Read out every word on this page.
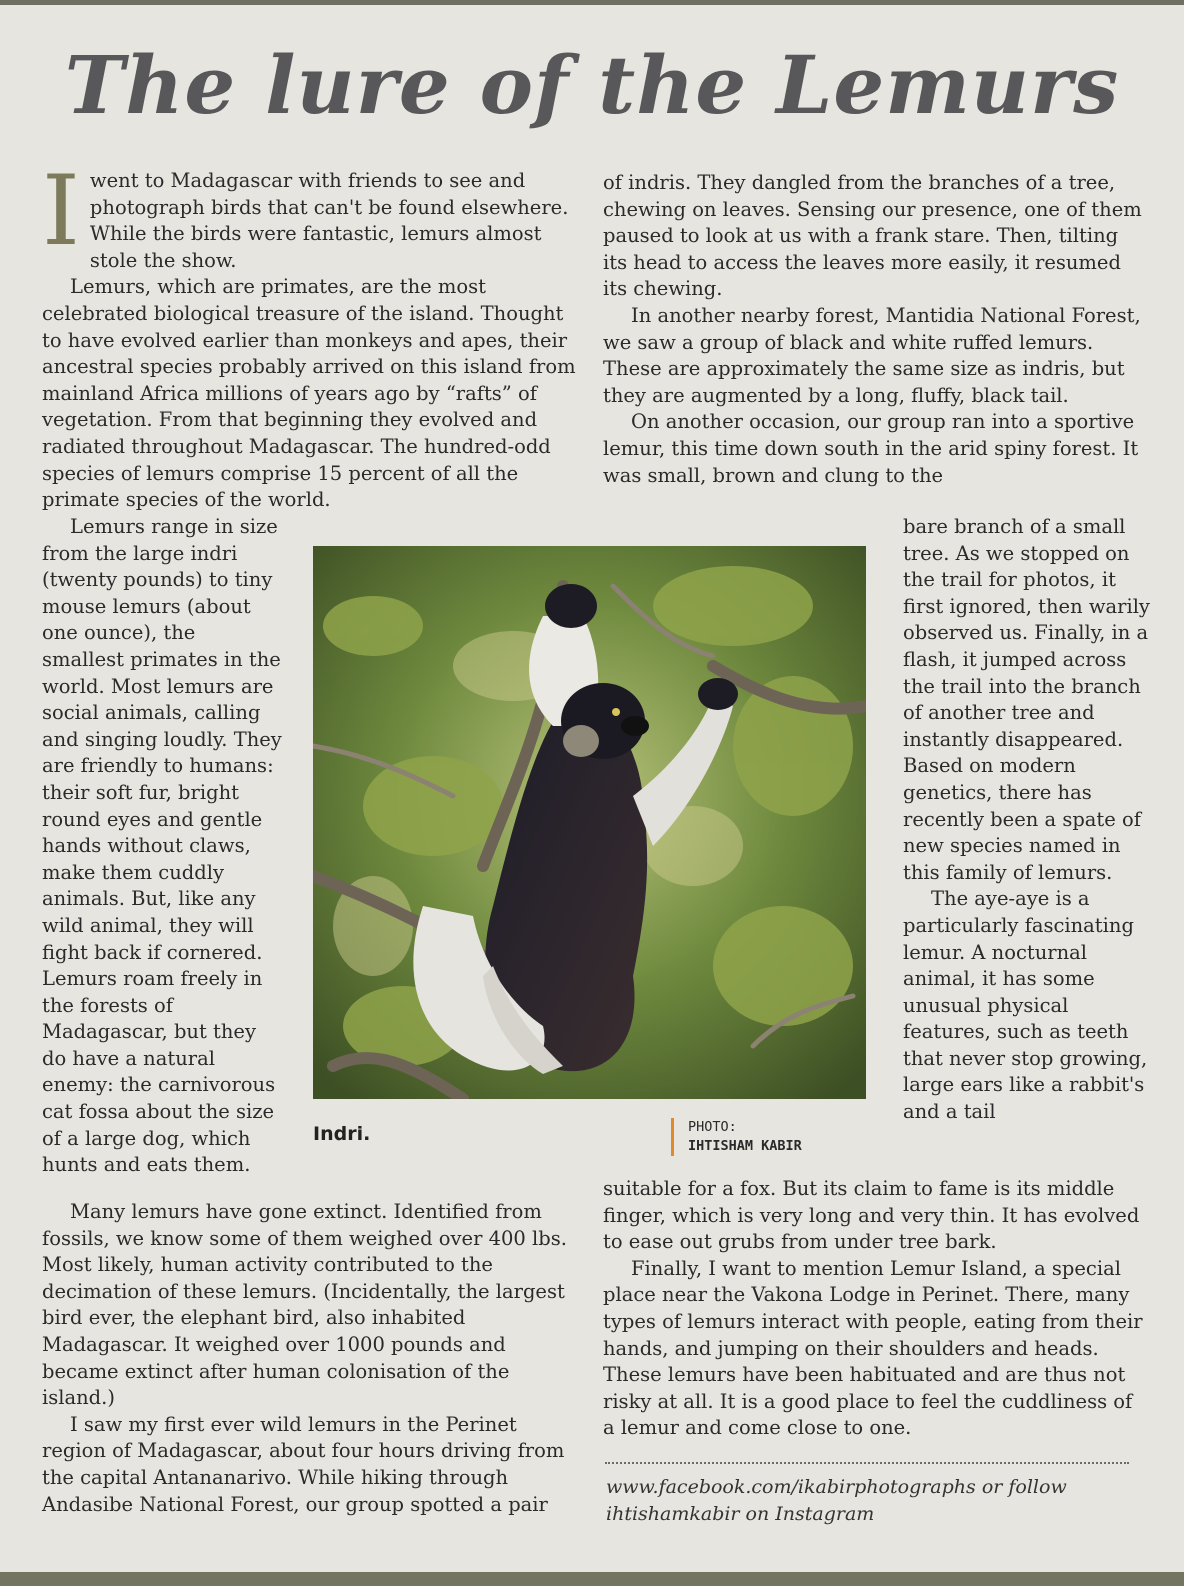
The lure of the Lemurs

Iwent to Madagascar with friends to see and photograph birds that can't be found elsewhere. While the birds were fantastic, lemurs almost stole the show.

Lemurs, which are primates, are the most celebrated biological treasure of the island. Thought to have evolved earlier than monkeys and apes, their ancestral species probably arrived on this island from mainland Africa millions of years ago by “rafts” of vegetation. From that beginning they evolved and radiated throughout Madagascar. The hundred-odd species of lemurs comprise 15 percent of all the primate species of the world.

Lemurs range in size from the large indri (twenty pounds) to tiny mouse lemurs (about one ounce), the smallest primates in the world. Most lemurs are social animals, calling and singing loudly. They are friendly to humans: their soft fur, bright round eyes and gentle hands without claws, make them cuddly animals. But, like any wild animal, they will fight back if cornered. Lemurs roam freely in the forests of Madagascar, but they do have a natural enemy: the carnivorous cat fossa about the size of a large dog, which hunts and eats them.

Many lemurs have gone extinct. Identified from fossils, we know some of them weighed over 400 lbs. Most likely, human activity contributed to the decimation of these lemurs. (Incidentally, the largest bird ever, the elephant bird, also inhabited Madagascar. It weighed over 1000 pounds and became extinct after human colonisation of the island.)

I saw my first ever wild lemurs in the Perinet region of Madagascar, about four hours driving from the capital Antananarivo. While hiking through Andasibe National Forest, our group spotted a pair

of indris. They dangled from the branches of a tree, chewing on leaves. Sensing our presence, one of them paused to look at us with a frank stare. Then, tilting its head to access the leaves more easily, it resumed its chewing.

In another nearby forest, Mantidia National Forest, we saw a group of black and white ruffed lemurs. These are approximately the same size as indris, but they are augmented by a long, fluffy, black tail.

On another occasion, our group ran into a sportive lemur, this time down south in the arid spiny forest. It was small, brown and clung to the

bare branch of a small tree. As we stopped on the trail for photos, it first ignored, then warily observed us. Finally, in a flash, it jumped across the trail into the branch of another tree and instantly disappeared. Based on modern genetics, there has recently been a spate of new species named in this family of lemurs.

The aye-aye is a particularly fascinating lemur. A nocturnal animal, it has some unusual physical features, such as teeth that never stop growing, large ears like a rabbit's and a tail

suitable for a fox. But its claim to fame is its middle finger, which is very long and very thin. It has evolved to ease out grubs from under tree bark.

Finally, I want to mention Lemur Island, a special place near the Vakona Lodge in Perinet. There, many types of lemurs interact with people, eating from their hands, and jumping on their shoulders and heads. These lemurs have been habituated and are thus not risky at all. It is a good place to feel the cuddliness of a lemur and come close to one.

Indri.	PHOTO:
IHTISHAM KABIR
www.facebook.com/ikabirphotographs or follow ihtishamkabir on Instagram
